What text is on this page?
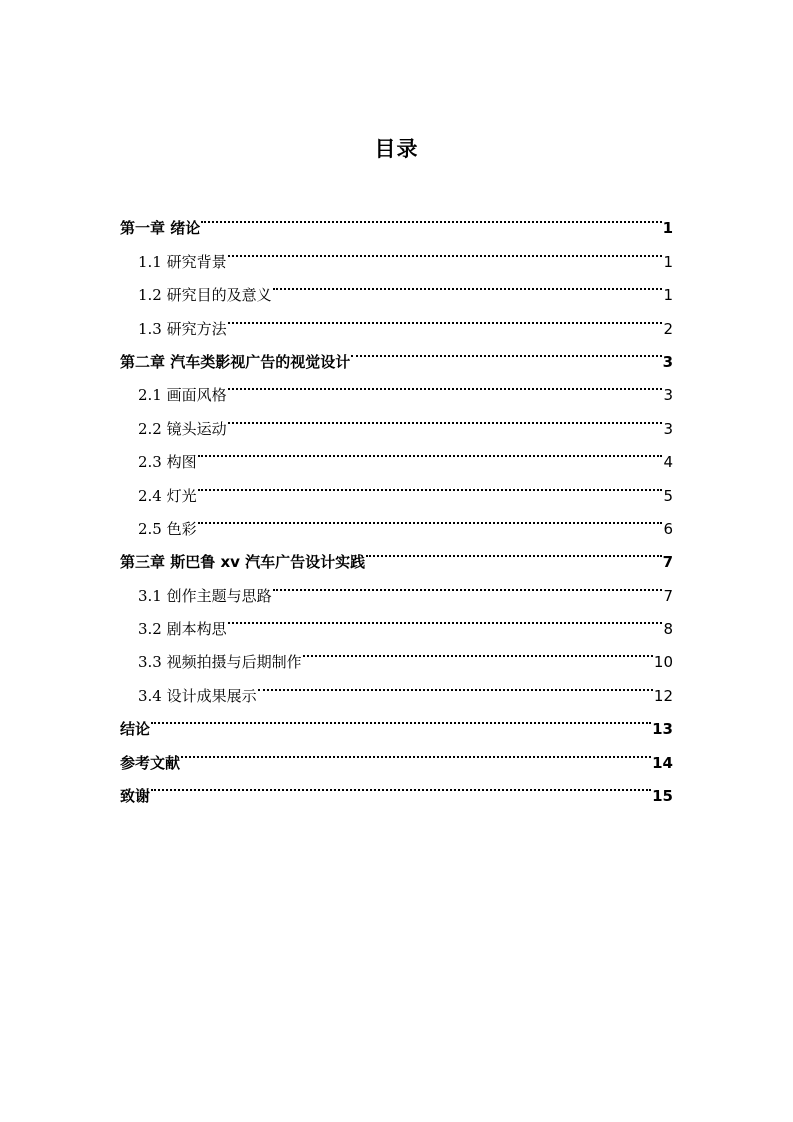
目录
第一章 绪论	1
1.1 研究背景	1
1.2 研究目的及意义	1
1.3 研究方法	2
第二章 汽车类影视广告的视觉设计	3
2.1 画面风格	3
2.2 镜头运动	3
2.3 构图	4
2.4 灯光	5
2.5 色彩	6
第三章 斯巴鲁 xv 汽车广告设计实践	7
3.1 创作主题与思路	7
3.2 剧本构思	8
3.3 视频拍摄与后期制作	10
3.4 设计成果展示	12
结论	13
参考文献	14
致谢	15
